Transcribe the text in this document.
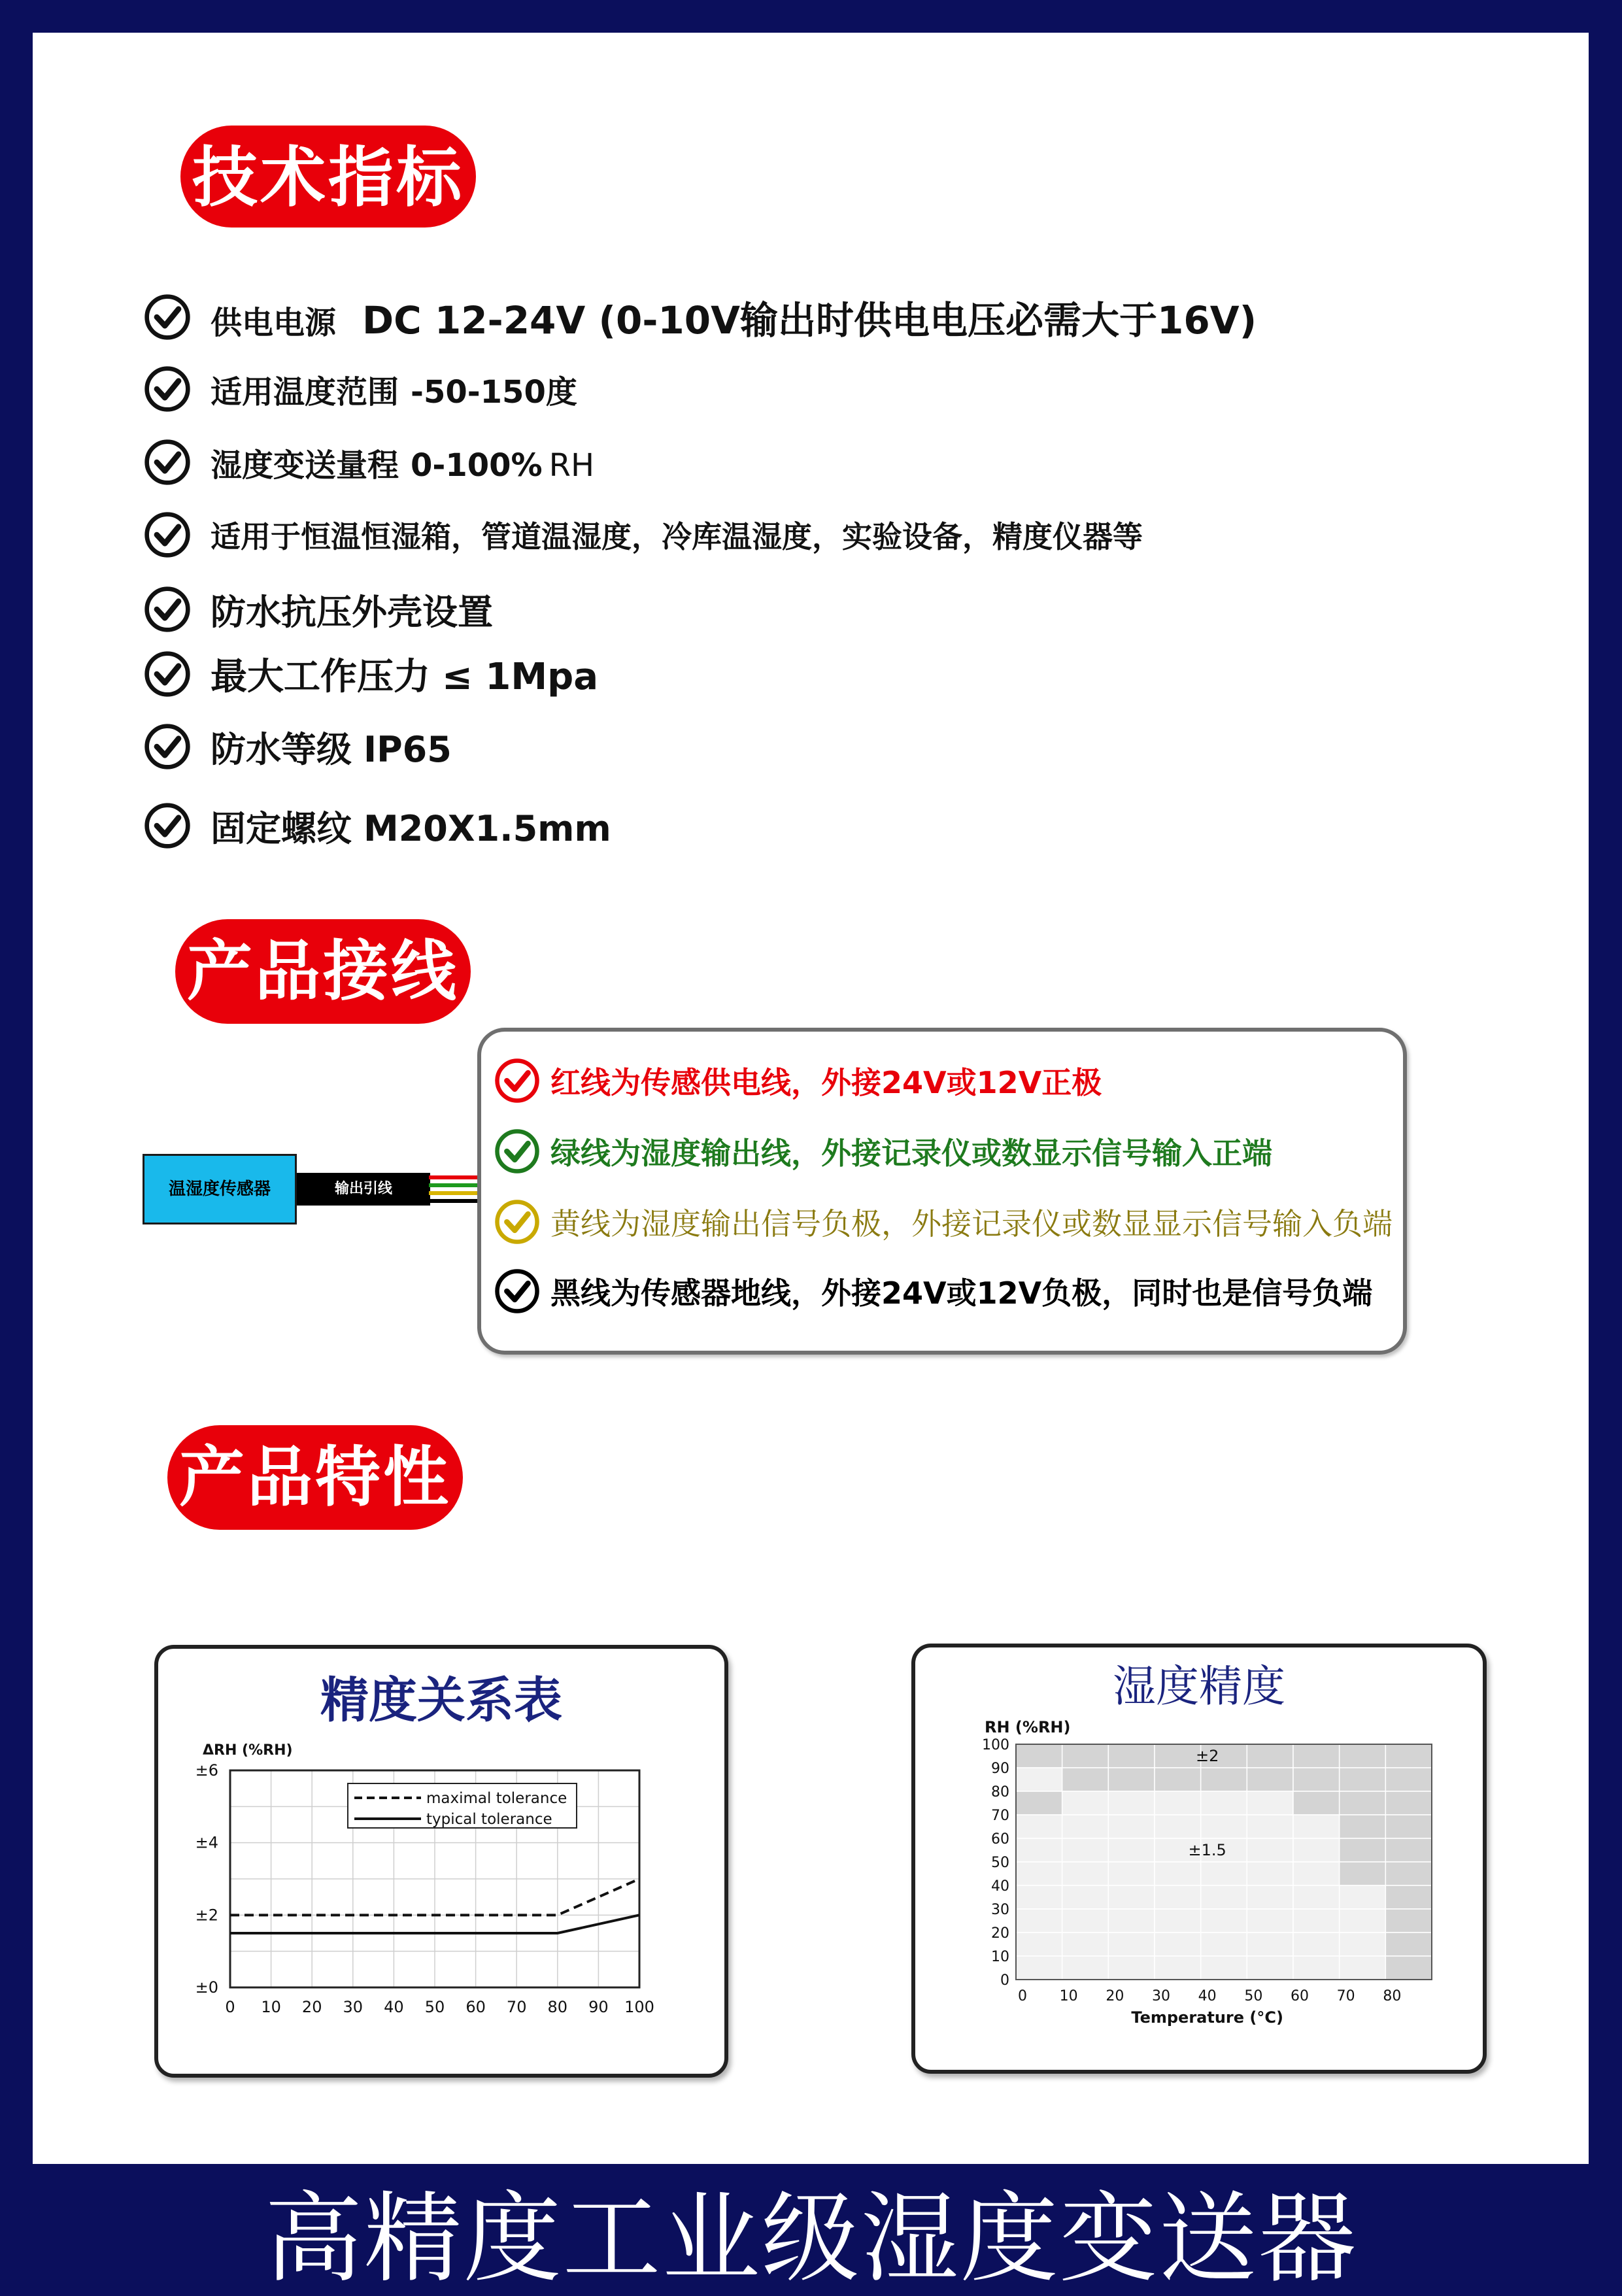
技术指标
供电电源 DC 12-24V (0-10V输出时供电电压必需大于16V)
适用温度范围 -50-150度
湿度变送量程 0-100% RH
适用于恒温恒湿箱，管道温湿度，冷库温湿度，实验设备，精度仪器等
防水抗压外壳设置
最大工作压力 ≤ 1Mpa
防水等级 IP65
固定螺纹 M20X1.5mm
产品接线
温湿度传感器	输出引线
红线为传感供电线，外接24V或12V正极
绿线为湿度输出线，外接记录仪或数显示信号输入正端
黄线为湿度输出信号负极，外接记录仪或数显显示信号输入负端
黑线为传感器地线，外接24V或12V负极，同时也是信号负端
产品特性
精度关系表
ΔRH (%RH)
0 10 20 30 40 50 60 70 80 90 100
±0
±2
±4
±6
maximal tolerance
typical tolerance
湿度精度
RH (%RH)
0
10
20
30
40
50
60
70
80
90
100
0 10 20 30 40 50 60 70 80
Temperature (°C)
±2
±1.5
高精度工业级湿度变送器
